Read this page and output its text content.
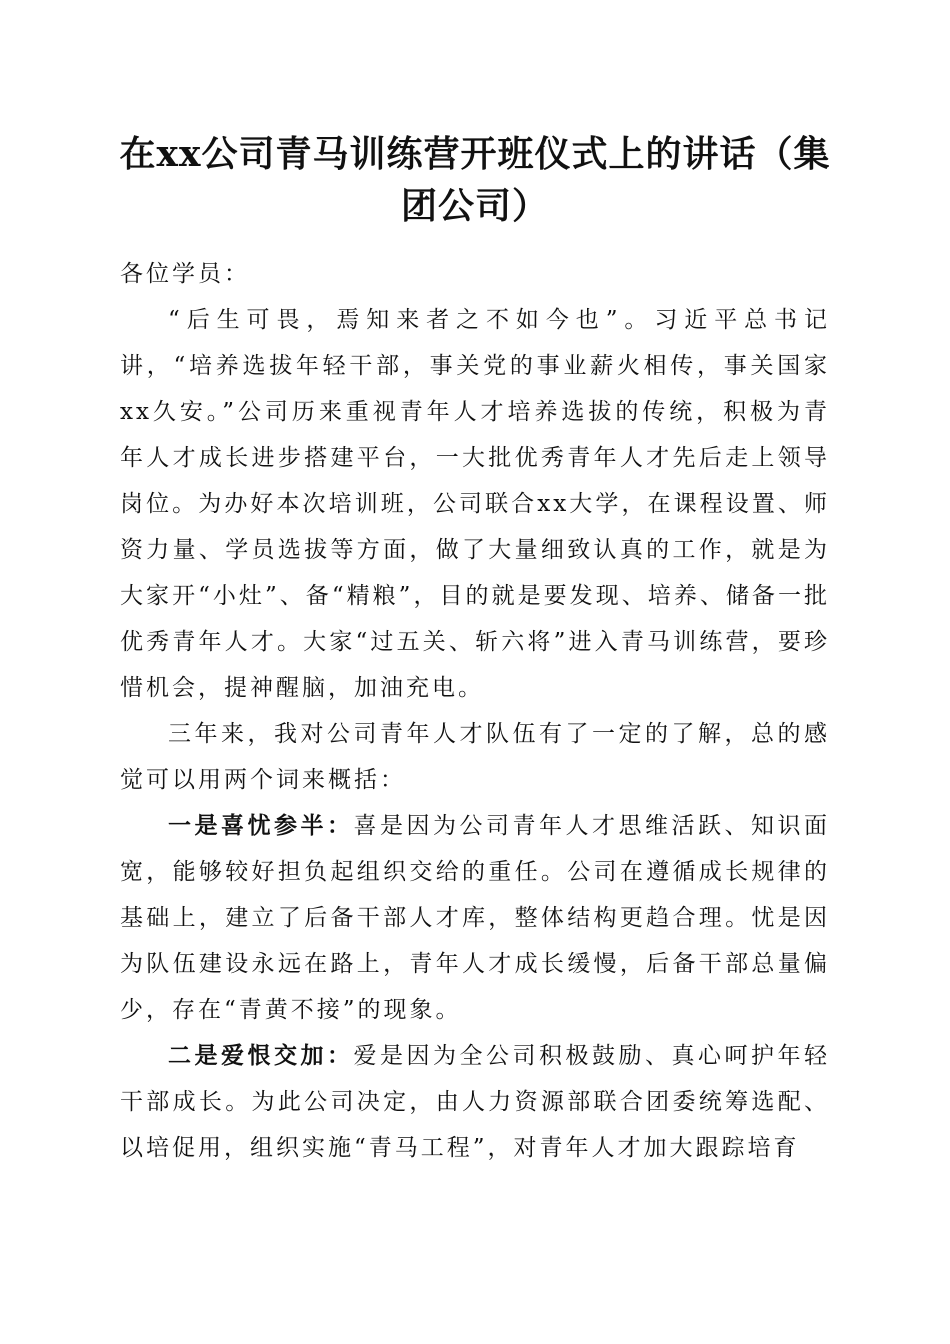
在xx公司青马训练营开班仪式上的讲话（集团公司）

各位学员：

“后生可畏，焉知来者之不如今也”。习近平总书记讲，“培养选拔年轻干部，事关党的事业薪火相传，事关国家xx久安。”公司历来重视青年人才培养选拔的传统，积极为青年人才成长进步搭建平台，一大批优秀青年人才先后走上领导岗位。为办好本次培训班，公司联合xx大学，在课程设置、师资力量、学员选拔等方面，做了大量细致认真的工作，就是为大家开“小灶”、备“精粮”，目的就是要发现、培养、储备一批优秀青年人才。大家“过五关、斩六将”进入青马训练营，要珍惜机会，提神醒脑，加油充电。

三年来，我对公司青年人才队伍有了一定的了解，总的感觉可以用两个词来概括：

一是喜忧参半：喜是因为公司青年人才思维活跃、知识面宽，能够较好担负起组织交给的重任。公司在遵循成长规律的基础上，建立了后备干部人才库，整体结构更趋合理。忧是因为队伍建设永远在路上，青年人才成长缓慢，后备干部总量偏少，存在“青黄不接”的现象。

二是爱恨交加：爱是因为全公司积极鼓励、真心呵护年轻干部成长。为此公司决定，由人力资源部联合团委统筹选配、以培促用，组织实施“青马工程”，对青年人才加大跟踪培育
